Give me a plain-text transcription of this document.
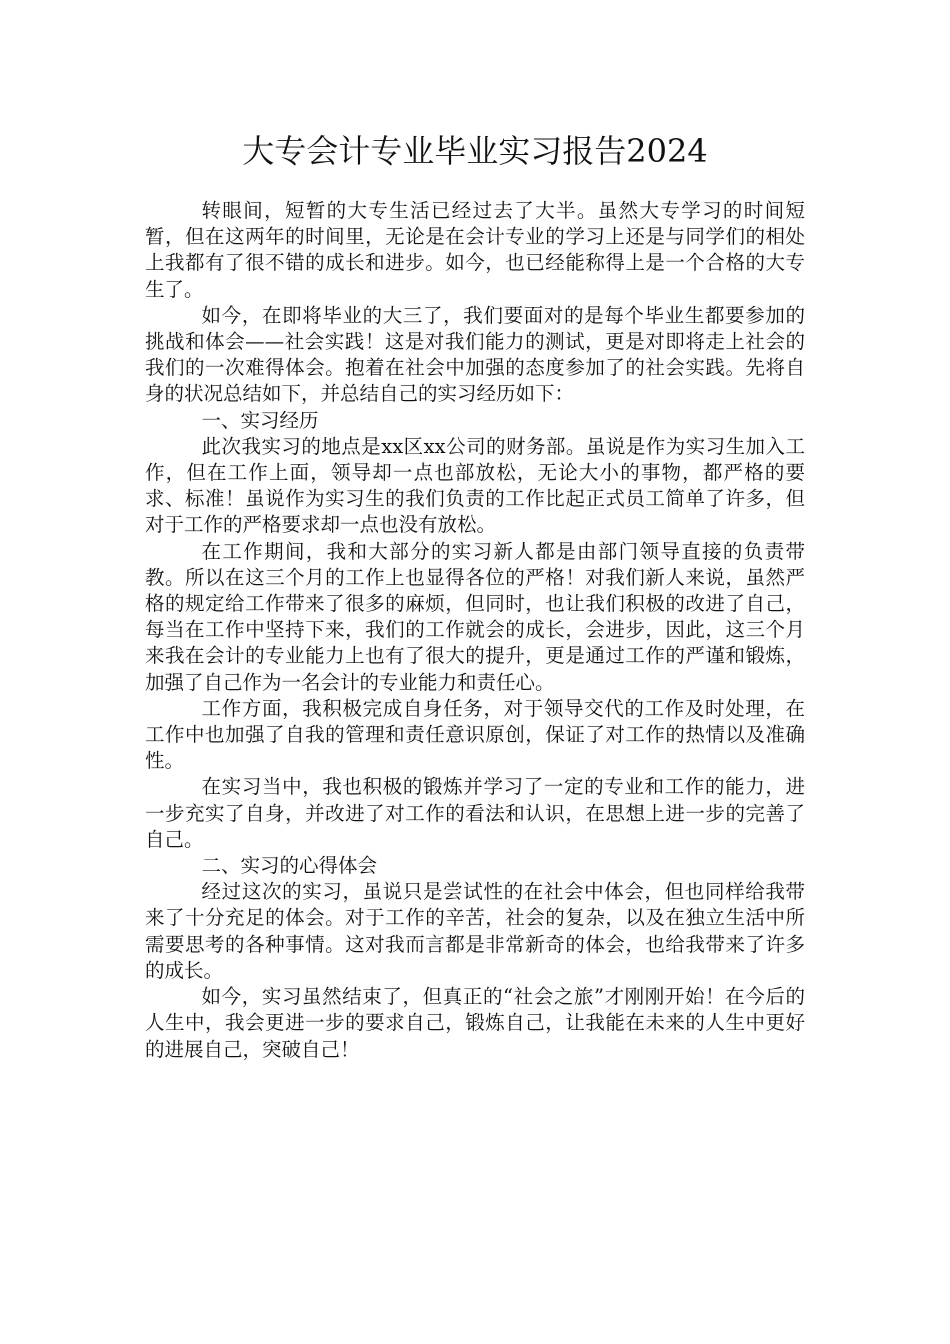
大专会计专业毕业实习报告2024

转眼间，短暂的大专生活已经过去了大半。虽然大专学习的时间短暂，但在这两年的时间里，无论是在会计专业的学习上还是与同学们的相处上我都有了很不错的成长和进步。如今，也已经能称得上是一个合格的大专生了。

如今，在即将毕业的大三了，我们要面对的是每个毕业生都要参加的挑战和体会——社会实践！这是对我们能力的测试，更是对即将走上社会的我们的一次难得体会。抱着在社会中加强的态度参加了的社会实践。先将自身的状况总结如下，并总结自己的实习经历如下：

一、实习经历

此次我实习的地点是xx区xx公司的财务部。虽说是作为实习生加入工作，但在工作上面，领导却一点也部放松，无论大小的事物，都严格的要求、标准！虽说作为实习生的我们负责的工作比起正式员工简单了许多，但对于工作的严格要求却一点也没有放松。

在工作期间，我和大部分的实习新人都是由部门领导直接的负责带教。所以在这三个月的工作上也显得各位的严格！对我们新人来说，虽然严格的规定给工作带来了很多的麻烦，但同时，也让我们积极的改进了自己，每当在工作中坚持下来，我们的工作就会的成长，会进步，因此，这三个月来我在会计的专业能力上也有了很大的提升，更是通过工作的严谨和锻炼，加强了自己作为一名会计的专业能力和责任心。

工作方面，我积极完成自身任务，对于领导交代的工作及时处理，在工作中也加强了自我的管理和责任意识原创，保证了对工作的热情以及准确性。

在实习当中，我也积极的锻炼并学习了一定的专业和工作的能力，进一步充实了自身，并改进了对工作的看法和认识，在思想上进一步的完善了自己。

二、实习的心得体会

经过这次的实习，虽说只是尝试性的在社会中体会，但也同样给我带来了十分充足的体会。对于工作的辛苦，社会的复杂，以及在独立生活中所需要思考的各种事情。这对我而言都是非常新奇的体会，也给我带来了许多的成长。

如今，实习虽然结束了，但真正的“社会之旅”才刚刚开始！在今后的人生中，我会更进一步的要求自己，锻炼自己，让我能在未来的人生中更好的进展自己，突破自己！
